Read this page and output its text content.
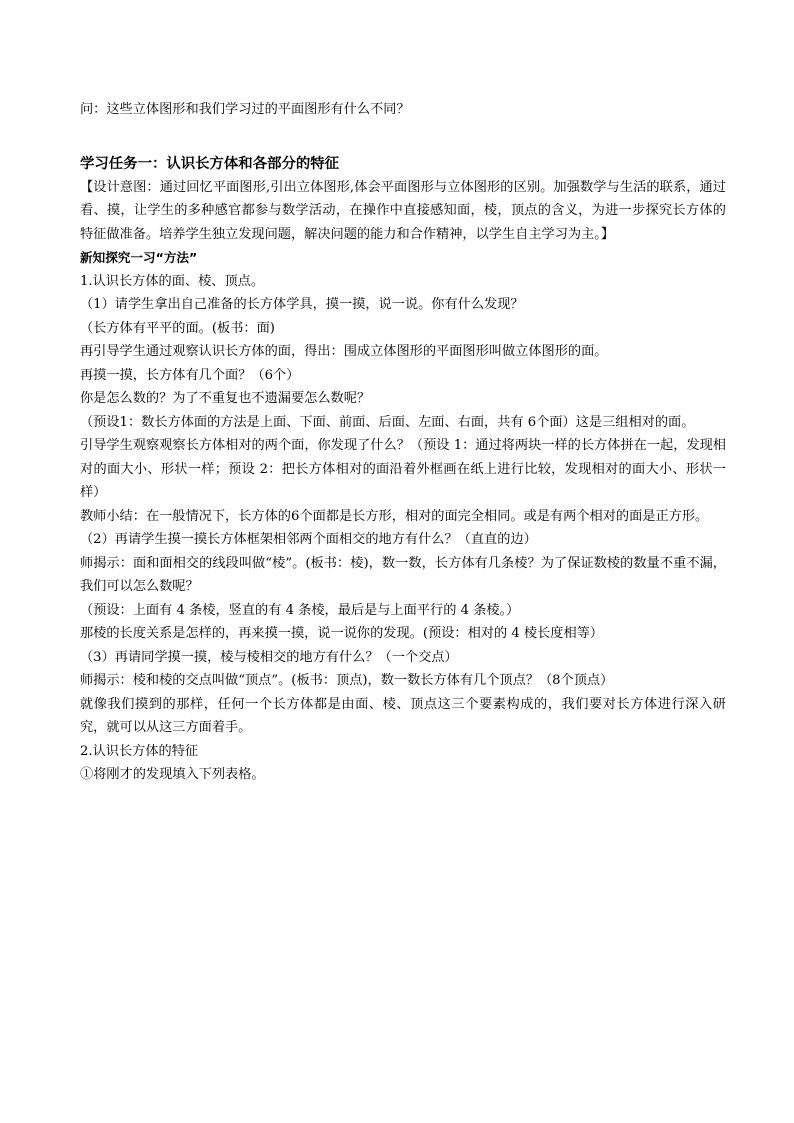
问：这些立体图形和我们学习过的平面图形有什么不同？
学习任务一：认识长方体和各部分的特征
【设计意图：通过回忆平面图形,引出立体图形,体会平面图形与立体图形的区别。加强数学与生活的联系，通过看、摸，让学生的多种感官都参与数学活动，在操作中直接感知面，棱，顶点的含义，为进一步探究长方体的特征做准备。培养学生独立发现问题，解决问题的能力和合作精神，以学生自主学习为主。】
新知探究一习“方法”
1.认识长方体的面、棱、顶点。
（1）请学生拿出自己准备的长方体学具，摸一摸，说一说。你有什么发现？
（长方体有平平的面。(板书：面)
再引导学生通过观察认识长方体的面，得出：围成立体图形的平面图形叫做立体图形的面。
再摸一摸，长方体有几个面？（6个）
你是怎么数的？为了不重复也不遗漏要怎么数呢？
（预设1：数长方体面的方法是上面、下面、前面、后面、左面、右面，共有 6个面）这是三组相对的面。
引导学生观察观察长方体相对的两个面，你发现了什么？（预设 1：通过将两块一样的长方体拼在一起，发现相对的面大小、形状一样；预设 2：把长方体相对的面沿着外框画在纸上进行比较，发现相对的面大小、形状一样）
教师小结：在一般情况下，长方体的6个面都是长方形，相对的面完全相同。或是有两个相对的面是正方形。
（2）再请学生摸一摸长方体框架相邻两个面相交的地方有什么？（直直的边）
师揭示：面和面相交的线段叫做“棱”。(板书：棱)，数一数，长方体有几条棱？为了保证数棱的数量不重不漏，我们可以怎么数呢？
（预设：上面有 4 条棱，竖直的有 4 条棱，最后是与上面平行的 4 条棱。）
那棱的长度关系是怎样的，再来摸一摸，说一说你的发现。(预设：相对的 4 棱长度相等）
（3）再请同学摸一摸，棱与棱相交的地方有什么？（一个交点）
师揭示：棱和棱的交点叫做“顶点”。(板书：顶点)，数一数长方体有几个顶点？（8个顶点）
就像我们摸到的那样，任何一个长方体都是由面、棱、顶点这三个要素构成的，我们要对长方体进行深入研究，就可以从这三方面着手。
2.认识长方体的特征
①将刚才的发现填入下列表格。
